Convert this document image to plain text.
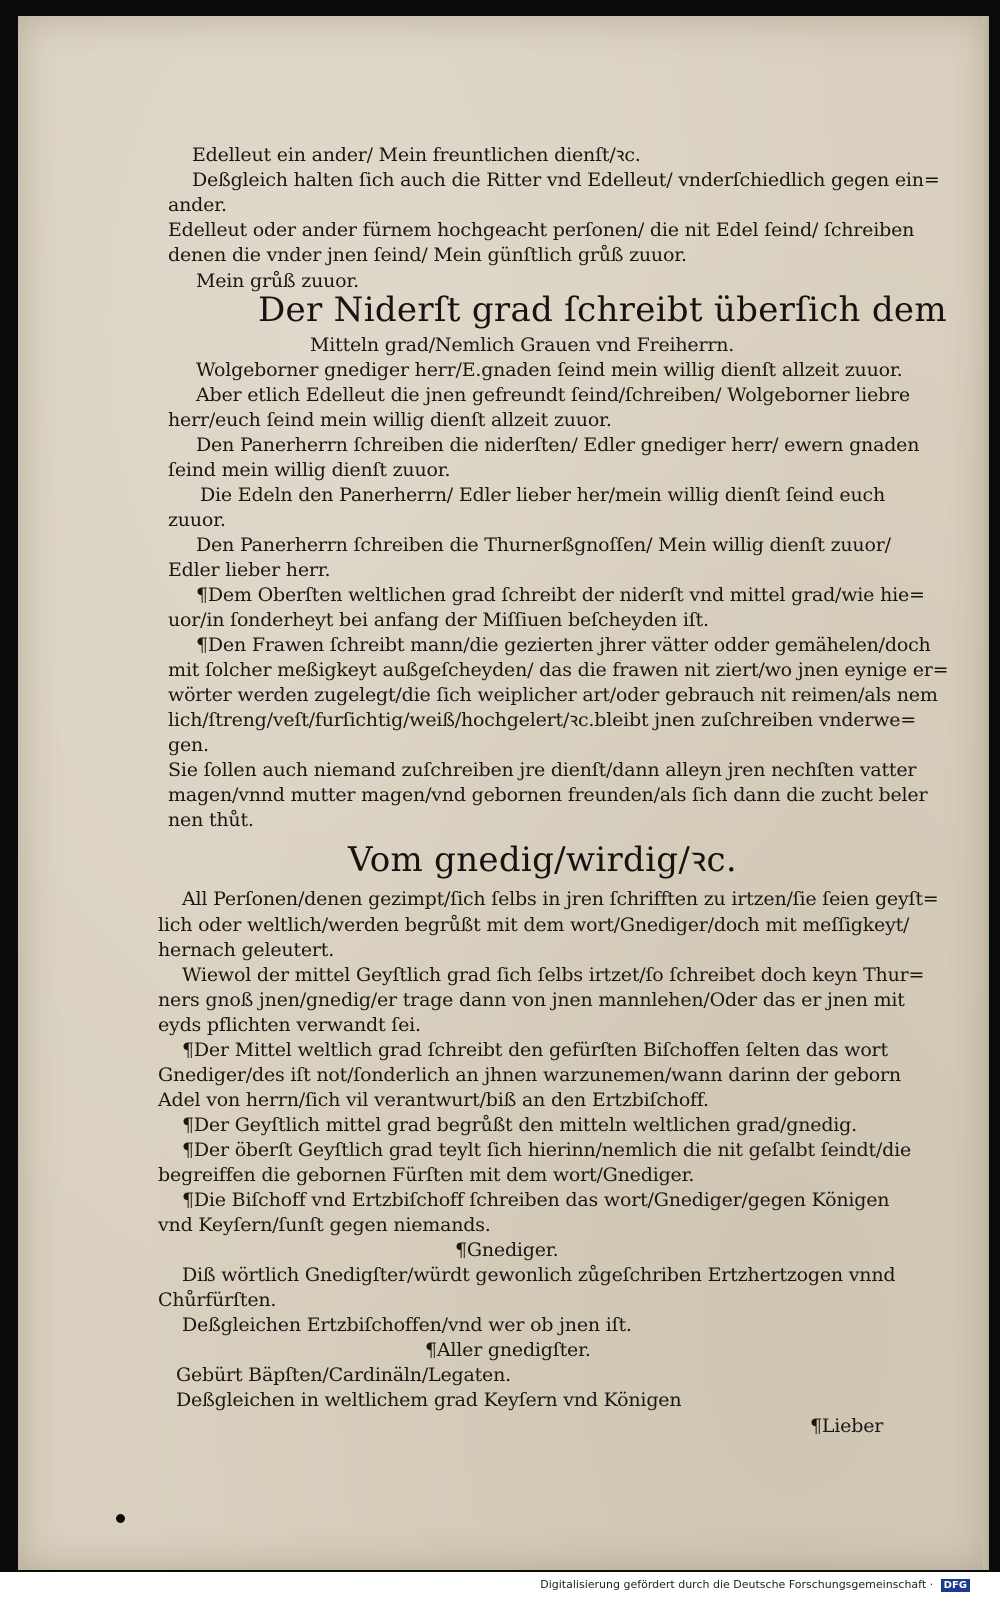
Edelleut ein ander/ Mein freuntlichen dienſt/ꝛc.
Deßgleich halten ſich auch die Ritter vnd Edelleut/ vnderſchiedlich gegen ein=
ander.
Edelleut oder ander fürnem hochgeacht perſonen/ die nit Edel ſeind/ ſchreiben
denen die vnder jnen ſeind/ Mein günſtlich grůß zuuor.
Mein grůß zuuor.
Der Niderſt grad ſchreibt überſich dem
Mitteln grad/Nemlich Grauen vnd Freiherrn.
Wolgeborner gnediger herr/E.gnaden ſeind mein willig dienſt allzeit zuuor.
Aber etlich Edelleut die jnen gefreundt ſeind/ſchreiben/ Wolgeborner liebre
herr/euch ſeind mein willig dienſt allzeit zuuor.
Den Panerherrn ſchreiben die niderſten/ Edler gnediger herr/ ewern gnaden
ſeind mein willig dienſt zuuor.
Die Edeln den Panerherrn/ Edler lieber her/mein willig dienſt ſeind euch
zuuor.
Den Panerherrn ſchreiben die Thurnerßgnoſſen/ Mein willig dienſt zuuor/
Edler lieber herr.
¶Dem Oberſten weltlichen grad ſchreibt der niderſt vnd mittel grad/wie hie=
uor/in ſonderheyt bei anfang der Miſſiuen beſcheyden iſt.
¶Den Frawen ſchreibt mann/die gezierten jhrer vätter odder gemähelen/doch
mit ſolcher meßigkeyt außgeſcheyden/ das die frawen nit ziert/wo jnen eynige er=
wörter werden zugelegt/die ſich weiplicher art/oder gebrauch nit reimen/als nem
lich/ſtreng/veſt/furſichtig/weiß/hochgelert/ꝛc.bleibt jnen zuſchreiben vnderwe=
gen.
Sie ſollen auch niemand zuſchreiben jre dienſt/dann alleyn jren nechſten vatter
magen/vnnd mutter magen/vnd gebornen freunden/als ſich dann die zucht beler
nen thůt.
Vom gnedig/wirdig/ꝛc.
All Perſonen/denen gezimpt/ſich ſelbs in jren ſchrifften zu irtzen/ſie ſeien geyſt=
lich oder weltlich/werden begrůßt mit dem wort/Gnediger/doch mit meſſigkeyt/
hernach geleutert.
Wiewol der mittel Geyſtlich grad ſich ſelbs irtzet/ſo ſchreibet doch keyn Thur=
ners gnoß jnen/gnedig/er trage dann von jnen mannlehen/Oder das er jnen mit
eyds pflichten verwandt ſei.
¶Der Mittel weltlich grad ſchreibt den gefürſten Biſchoffen ſelten das wort
Gnediger/des iſt not/ſonderlich an jhnen warzunemen/wann darinn der geborn
Adel von herrn/ſich vil verantwurt/biß an den Ertzbiſchoff.
¶Der Geyſtlich mittel grad begrůßt den mitteln weltlichen grad/gnedig.
¶Der öberſt Geyſtlich grad teylt ſich hierinn/nemlich die nit geſalbt ſeindt/die
begreiffen die gebornen Fürſten mit dem wort/Gnediger.
¶Die Biſchoff vnd Ertzbiſchoff ſchreiben das wort/Gnediger/gegen Königen
vnd Keyſern/ſunſt gegen niemands.
¶Gnediger.
Diß wörtlich Gnedigſter/würdt gewonlich zůgeſchriben Ertzhertzogen vnnd
Chůrfürſten.
Deßgleichen Ertzbiſchoffen/vnd wer ob jnen iſt.
¶Aller gnedigſter.
Gebürt Bäpſten/Cardinäln/Legaten.
Deßgleichen in weltlichem grad Keyſern vnd Königen
¶Lieber
Digitalisierung gefördert durch die Deutsche Forschungsgemeinschaft · DFG
